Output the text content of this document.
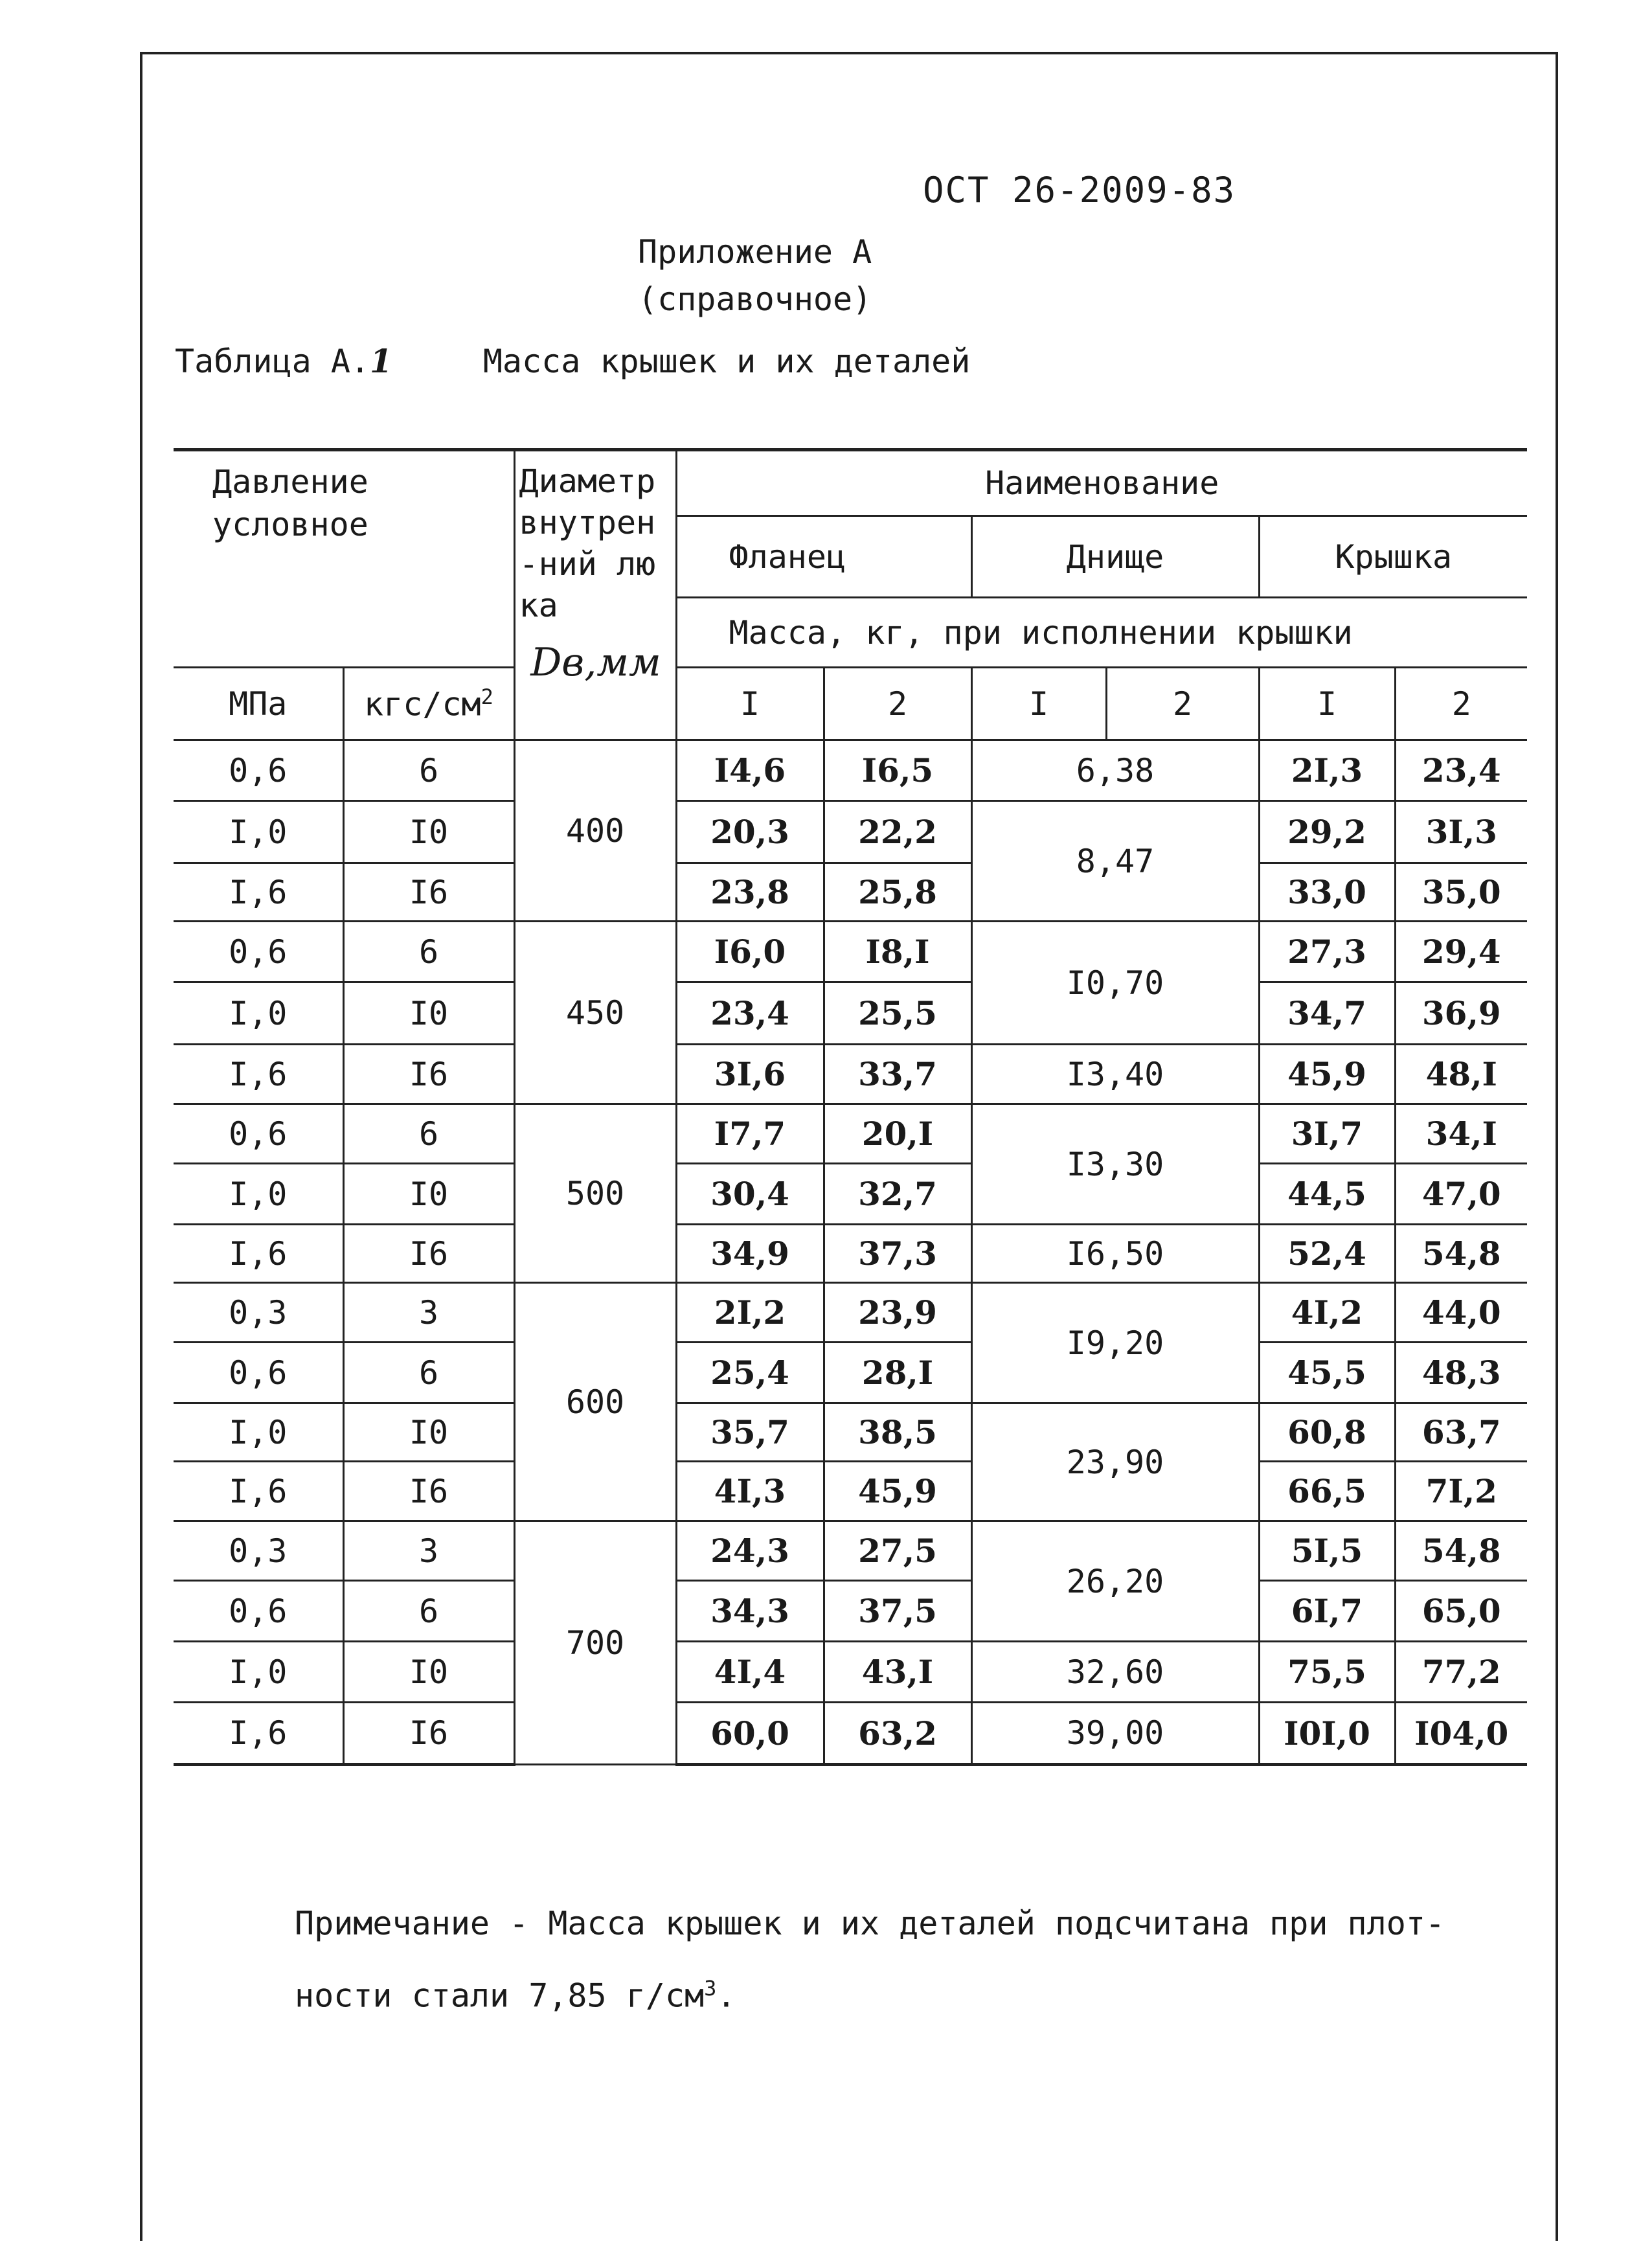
ОСТ 26-2009-83
Приложение А
(справочное)
Таблица А.1	Масса крышек и их деталей
Давление условное		Диаметр внутрен-ний люка
Dв,мм	Наименование					
			Фланец		Днище		Крышка	
			Масса, кг, при исполнении крышки					
МПа	кгс/$см^2$		I	2	I	2	I	2
0,6	6	400	I4,6	I6,5	6,38		2I,3	23,4
I,0	I0		20,3	22,2	8,47		29,2	3I,3
I,6	I6		23,8	25,8			33,0	35,0
0,6	6	450	I6,0	I8,I	I0,70		27,3	29,4
I,0	I0		23,4	25,5			34,7	36,9
I,6	I6		3I,6	33,7	I3,40		45,9	48,I
0,6	6	500	I7,7	20,I	I3,30		3I,7	34,I
I,0	I0		30,4	32,7			44,5	47,0
I,6	I6		34,9	37,3	I6,50		52,4	54,8
0,3	3	600	2I,2	23,9	I9,20		4I,2	44,0
0,6	6		25,4	28,I			45,5	48,3
I,0	I0		35,7	38,5	23,90		60,8	63,7
I,6	I6		4I,3	45,9			66,5	7I,2
0,3	3	700	24,3	27,5	26,20		5I,5	54,8
0,6	6		34,3	37,5			6I,7	65,0
I,0	I0		4I,4	43,I	32,60		75,5	77,2
I,6	I6		60,0	63,2	39,00		I0I,0	I04,0
Примечание - Масса крышек и их деталей подсчитана при плот-ности стали 7,85 $г/см^3$.
